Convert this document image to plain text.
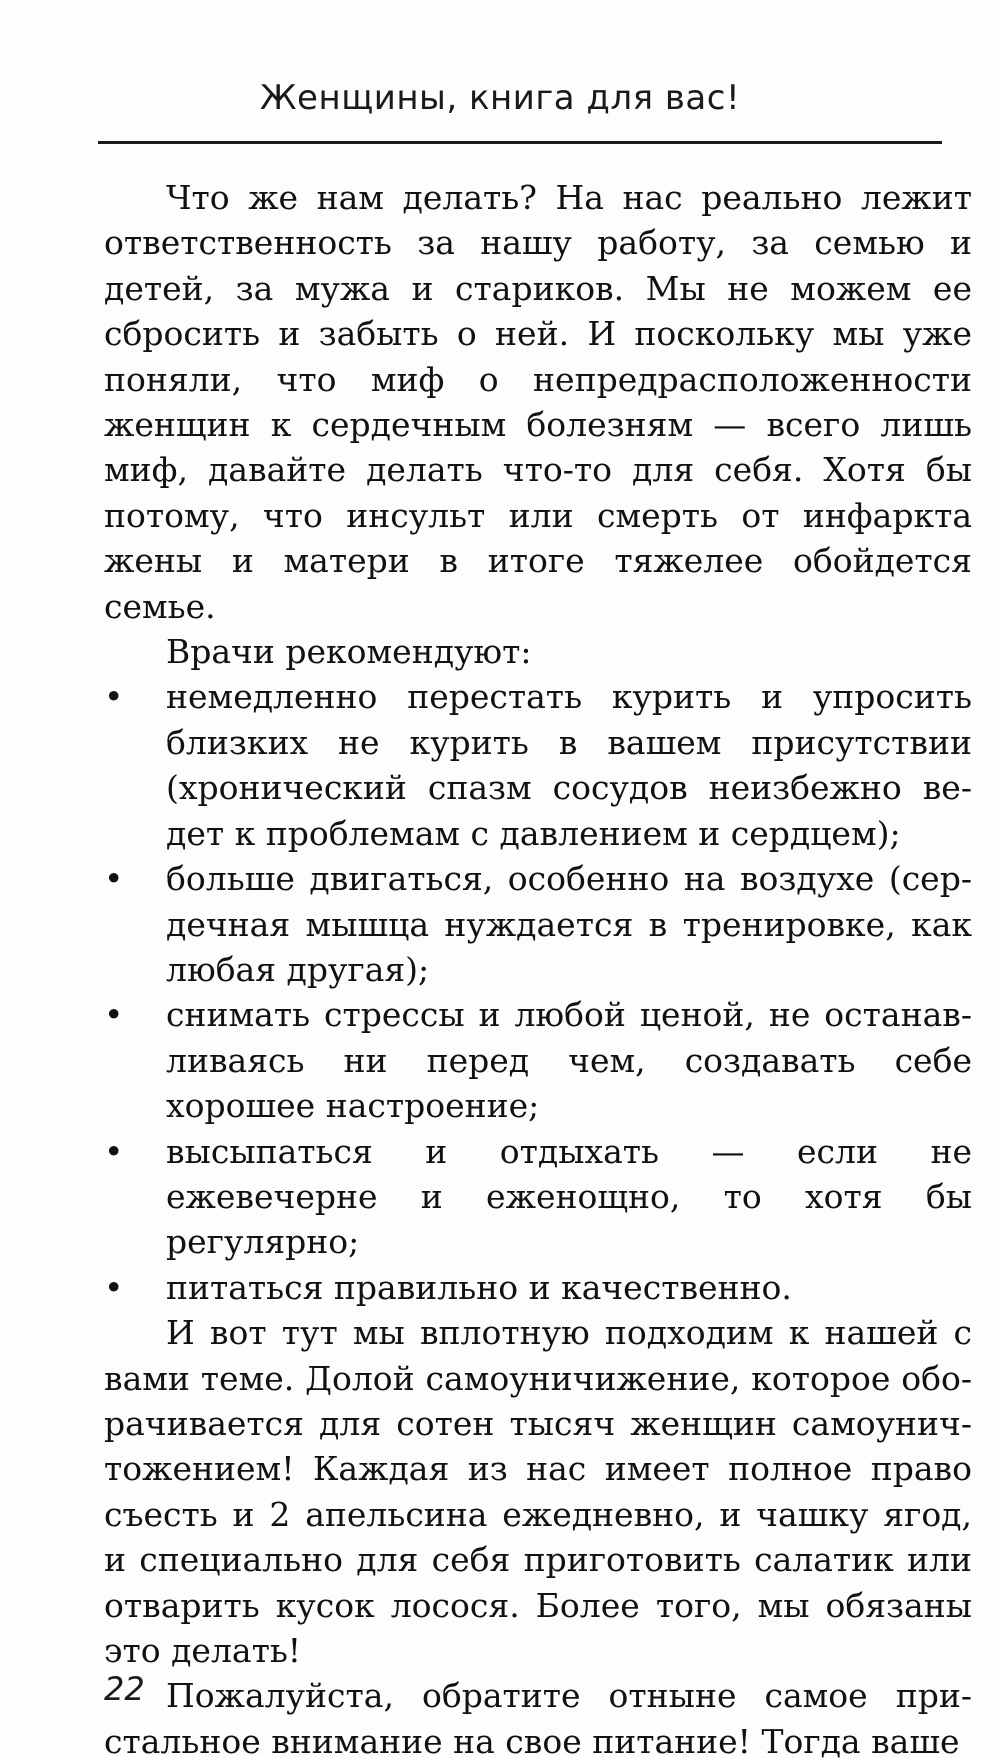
Женщины, книга для вас!

Что же нам делать? На нас реально лежит ответственность за нашу работу, за семью и детей, за мужа и стариков. Мы не можем ее сбросить и забыть о ней. И поскольку мы уже поняли, что миф о непредрасположенности женщин к сердечным болезням — всего лишь миф, давайте делать что-то для себя. Хотя бы потому, что инсульт или смерть от инфаркта жены и матери в итоге тяжелее обойдется семье.

Врачи рекомендуют:

•	немедленно перестать курить и упросить близких не курить в вашем присутствии (хронический спазм сосудов неизбежно ведет к проблемам с давлением и сердцем);
•	больше двигаться, особенно на воздухе (сердечная мышца нуждается в тренировке, как любая другая);
•	снимать стрессы и любой ценой, не останавливаясь ни перед чем, создавать себе хорошее настроение;
•	высыпаться и отдыхать — если не ежевечерне и еженощно, то хотя бы регулярно;
•	питаться правильно и качественно.

И вот тут мы вплотную подходим к нашей с вами теме. Долой самоуничижение, которое оборачивается для сотен тысяч женщин самоуничтожением! Каждая из нас имеет полное право съесть и 2 апельсина ежедневно, и чашку ягод, и специально для себя приготовить салатик или отварить кусок лосося. Более того, мы обязаны это делать!

Пожалуйста, обратите отныне самое пристальное внимание на свое питание! Тогда ваше

22
